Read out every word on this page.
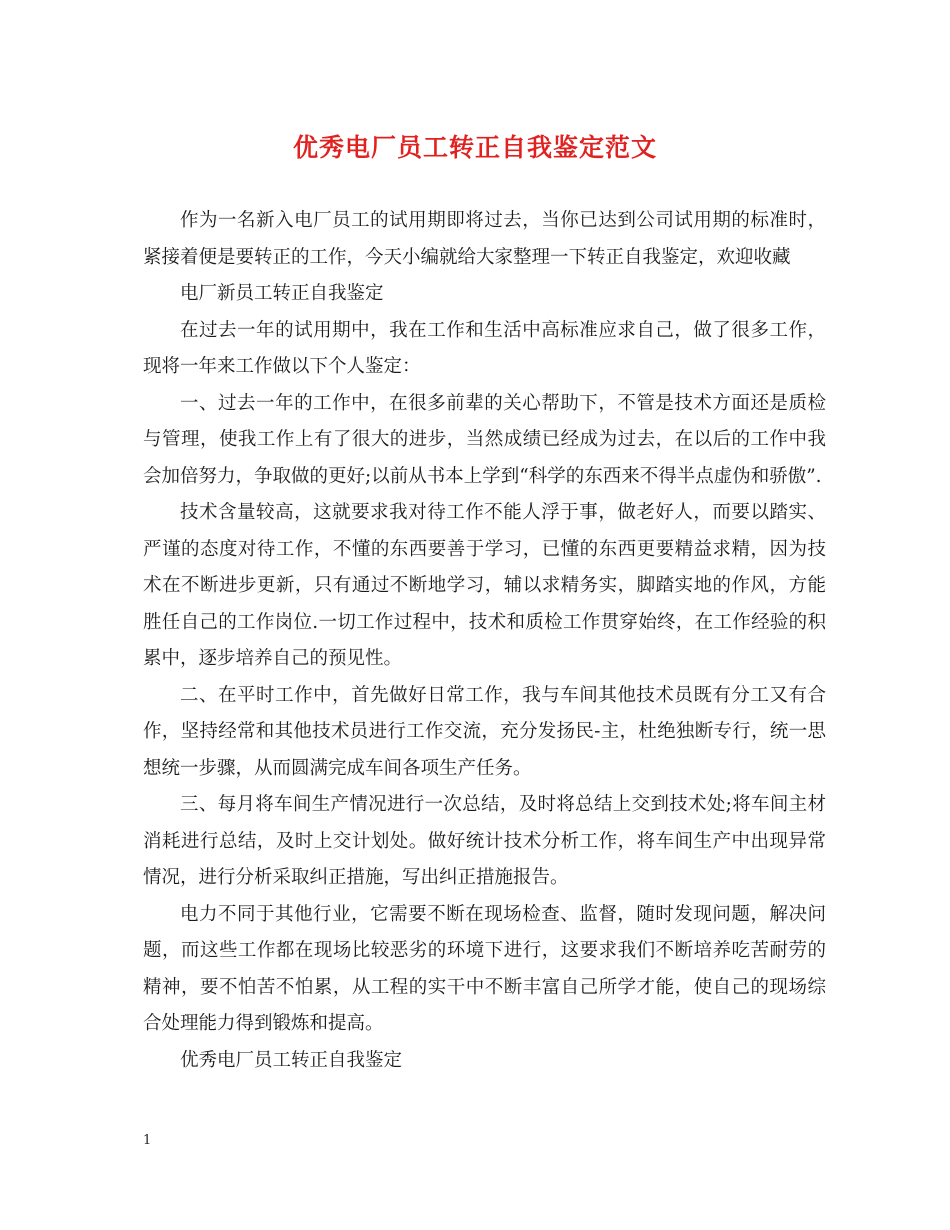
优秀电厂员工转正自我鉴定范文

作为一名新入电厂员工的试用期即将过去，当你已达到公司试用期的标准时，紧接着便是要转正的工作，今天小编就给大家整理一下转正自我鉴定，欢迎收藏

电厂新员工转正自我鉴定

在过去一年的试用期中，我在工作和生活中高标准应求自己，做了很多工作，现将一年来工作做以下个人鉴定：

一、过去一年的工作中，在很多前辈的关心帮助下，不管是技术方面还是质检与管理，使我工作上有了很大的进步，当然成绩已经成为过去，在以后的工作中我会加倍努力，争取做的更好;以前从书本上学到“科学的东西来不得半点虚伪和骄傲”.

技术含量较高，这就要求我对待工作不能人浮于事，做老好人，而要以踏实、严谨的态度对待工作，不懂的东西要善于学习，已懂的东西更要精益求精，因为技术在不断进步更新，只有通过不断地学习，辅以求精务实，脚踏实地的作风，方能胜任自己的工作岗位.一切工作过程中，技术和质检工作贯穿始终，在工作经验的积累中，逐步培养自己的预见性。

二、在平时工作中，首先做好日常工作，我与车间其他技术员既有分工又有合作，坚持经常和其他技术员进行工作交流，充分发扬民-主，杜绝独断专行，统一思想统一步骤，从而圆满完成车间各项生产任务。

三、每月将车间生产情况进行一次总结，及时将总结上交到技术处;将车间主材消耗进行总结，及时上交计划处。做好统计技术分析工作，将车间生产中出现异常情况，进行分析采取纠正措施，写出纠正措施报告。

电力不同于其他行业，它需要不断在现场检查、监督，随时发现问题，解决问题，而这些工作都在现场比较恶劣的环境下进行，这要求我们不断培养吃苦耐劳的精神，要不怕苦不怕累，从工程的实干中不断丰富自己所学才能，使自己的现场综合处理能力得到锻炼和提高。

优秀电厂员工转正自我鉴定

1
